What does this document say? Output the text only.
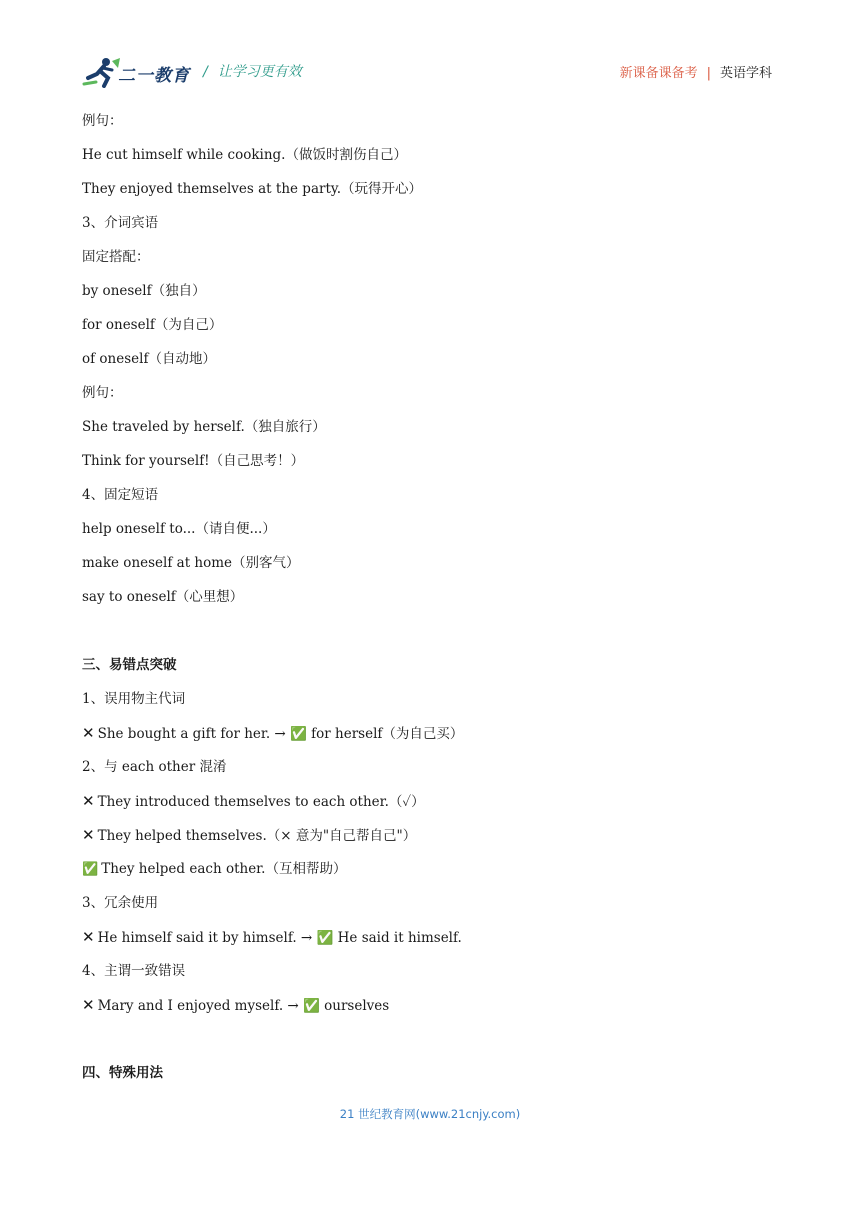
二一教育 / 让学习更有效	新课备课备考 | 英语学科
例句：
He cut himself while cooking.（做饭时割伤自己）
They enjoyed themselves at the party.（玩得开心）
3、介词宾语
固定搭配：
by oneself（独自）
for oneself（为自己）
of oneself（自动地）
例句：
She traveled by herself.（独自旅行）
Think for yourself!（自己思考！）
4、固定短语
help oneself to...（请自便...）
make oneself at home（别客气）
say to oneself（心里想）
三、易错点突破
1、误用物主代词
✕ She bought a gift for her. → ✅ for herself（为自己买）
2、与 each other 混淆
✕ They introduced themselves to each other.（✓）
✕ They helped themselves.（× 意为"自己帮自己"）
✅ They helped each other.（互相帮助）
3、冗余使用
✕ He himself said it by himself. → ✅ He said it himself.
4、主谓一致错误
✕ Mary and I enjoyed myself. → ✅ ourselves
四、特殊用法
21 世纪教育网(www.21cnjy.com)
